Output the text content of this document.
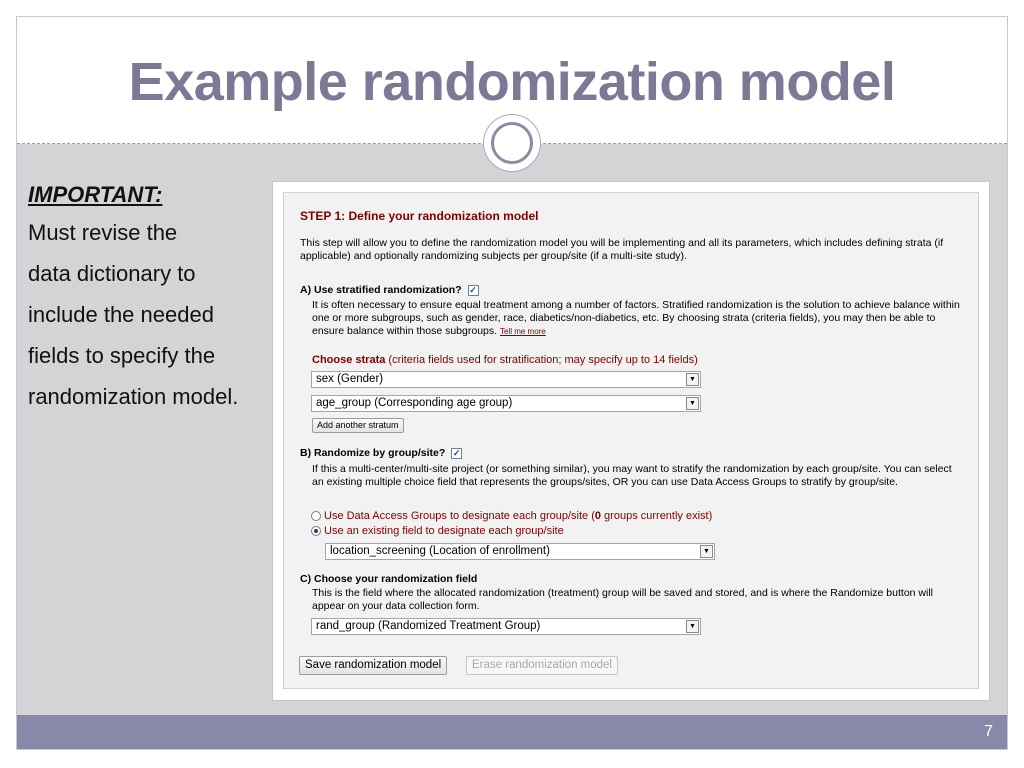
Example randomization model
IMPORTANT:
Must revise the
data dictionary to
include the needed
fields to specify the
randomization model.
STEP 1: Define your randomization model
This step will allow you to define the randomization model you will be implementing and all its parameters, which includes defining strata (if applicable) and optionally randomizing subjects per group/site (if a multi-site study).
A) Use stratified randomization? ✓
It is often necessary to ensure equal treatment among a number of factors. Stratified randomization is the solution to achieve balance within one or more subgroups, such as gender, race, diabetics/non-diabetics, etc. By choosing strata (criteria fields), you may then be able to ensure balance within those subgroups. Tell me more
Choose strata (criteria fields used for stratification; may specify up to 14 fields)
sex (Gender)	▼
age_group (Corresponding age group)	▼
Add another stratum
B) Randomize by group/site? ✓
If this a multi-center/multi-site project (or something similar), you may want to stratify the randomization by each group/site. You can select an existing multiple choice field that represents the groups/sites, OR you can use Data Access Groups to stratify by group/site.
Use Data Access Groups to designate each group/site (0 groups currently exist)
Use an existing field to designate each group/site
location_screening (Location of enrollment)	▼
C) Choose your randomization field
This is the field where the allocated randomization (treatment) group will be saved and stored, and is where the Randomize button will appear on your data collection form.
rand_group (Randomized Treatment Group)	▼
Save randomization model	Erase randomization model
7
